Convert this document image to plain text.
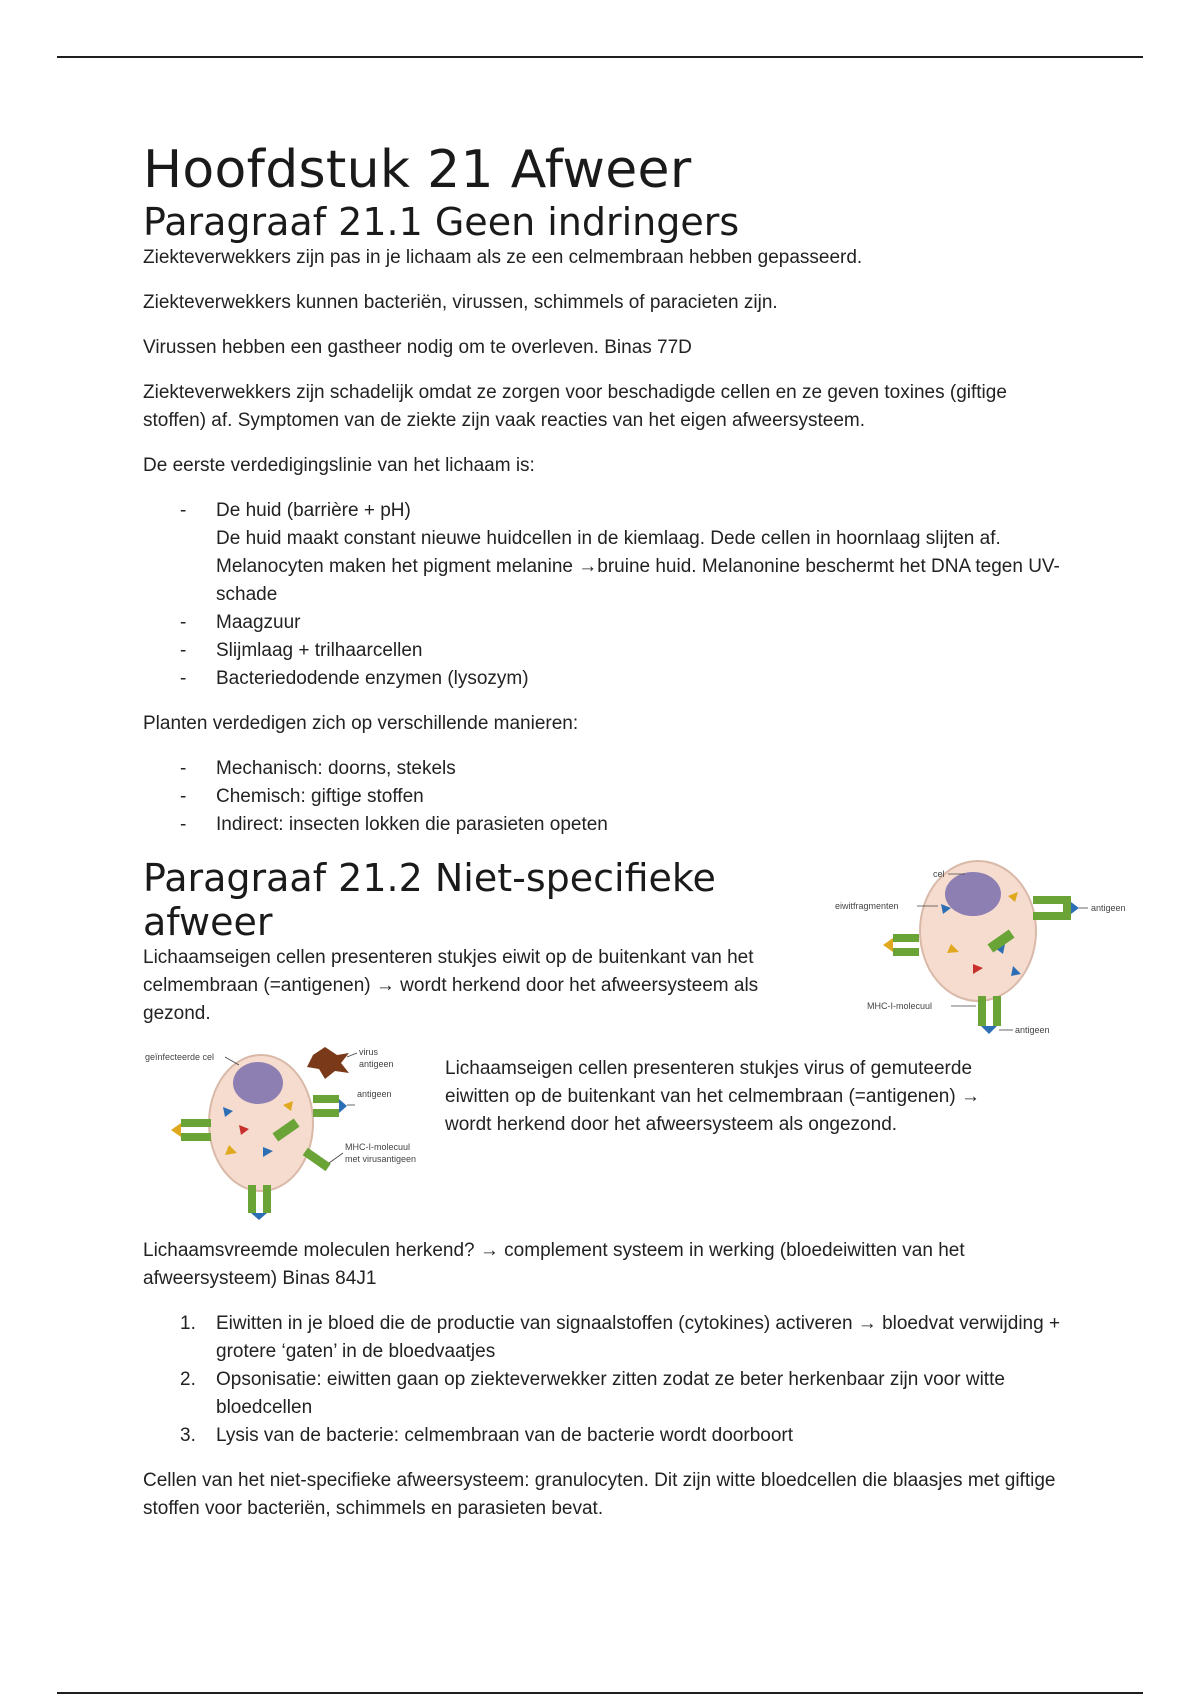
Hoofdstuk 21 Afweer
Paragraaf 21.1 Geen indringers

Ziekteverwekkers zijn pas in je lichaam als ze een celmembraan hebben gepasseerd.

Ziekteverwekkers kunnen bacteriën, virussen, schimmels of paracieten zijn.

Virussen hebben een gastheer nodig om te overleven. Binas 77D

Ziekteverwekkers zijn schadelijk omdat ze zorgen voor beschadigde cellen en ze geven toxines (giftige stoffen) af. Symptomen van de ziekte zijn vaak reacties van het eigen afweersysteem.

De eerste verdedigingslinie van het lichaam is:

-	De huid (barrière + pH)
De huid maakt constant nieuwe huidcellen in de kiemlaag. Dede cellen in hoornlaag slijten af.
Melanocyten maken het pigment melanine →bruine huid. Melanonine beschermt het DNA tegen UV-schade
-	Maagzuur
-	Slijmlaag + trilhaarcellen
-	Bacteriedodende enzymen (lysozym)

Planten verdedigen zich op verschillende manieren:

-	Mechanisch: doorns, stekels
-	Chemisch: giftige stoffen
-	Indirect: insecten lokken die parasieten opeten
Paragraaf 21.2 Niet-specifieke
afweer

Lichaamseigen cellen presenteren stukjes eiwit op de buitenkant van het celmembraan (=antigenen) → wordt herkend door het afweersysteem als gezond.

cel
eiwitfragmenten	antigeen
MHC-I-molecuul
antigeen
geïnfecteerde cel	virus
antigeen
antigeen
MHC-I-molecuul
met virusantigeen

Lichaamseigen cellen presenteren stukjes virus of gemuteerde eiwitten op de buitenkant van het celmembraan (=antigenen) → wordt herkend door het afweersysteem als ongezond.

Lichaamsvreemde moleculen herkend? → complement systeem in werking (bloedeiwitten van het afweersysteem) Binas 84J1

1.	Eiwitten in je bloed die de productie van signaalstoffen (cytokines) activeren → bloedvat verwijding + grotere ‘gaten’ in de bloedvaatjes
2.	Opsonisatie: eiwitten gaan op ziekteverwekker zitten zodat ze beter herkenbaar zijn voor witte bloedcellen
3.	Lysis van de bacterie: celmembraan van de bacterie wordt doorboort

Cellen van het niet-specifieke afweersysteem: granulocyten. Dit zijn witte bloedcellen die blaasjes met giftige stoffen voor bacteriën, schimmels en parasieten bevat.
